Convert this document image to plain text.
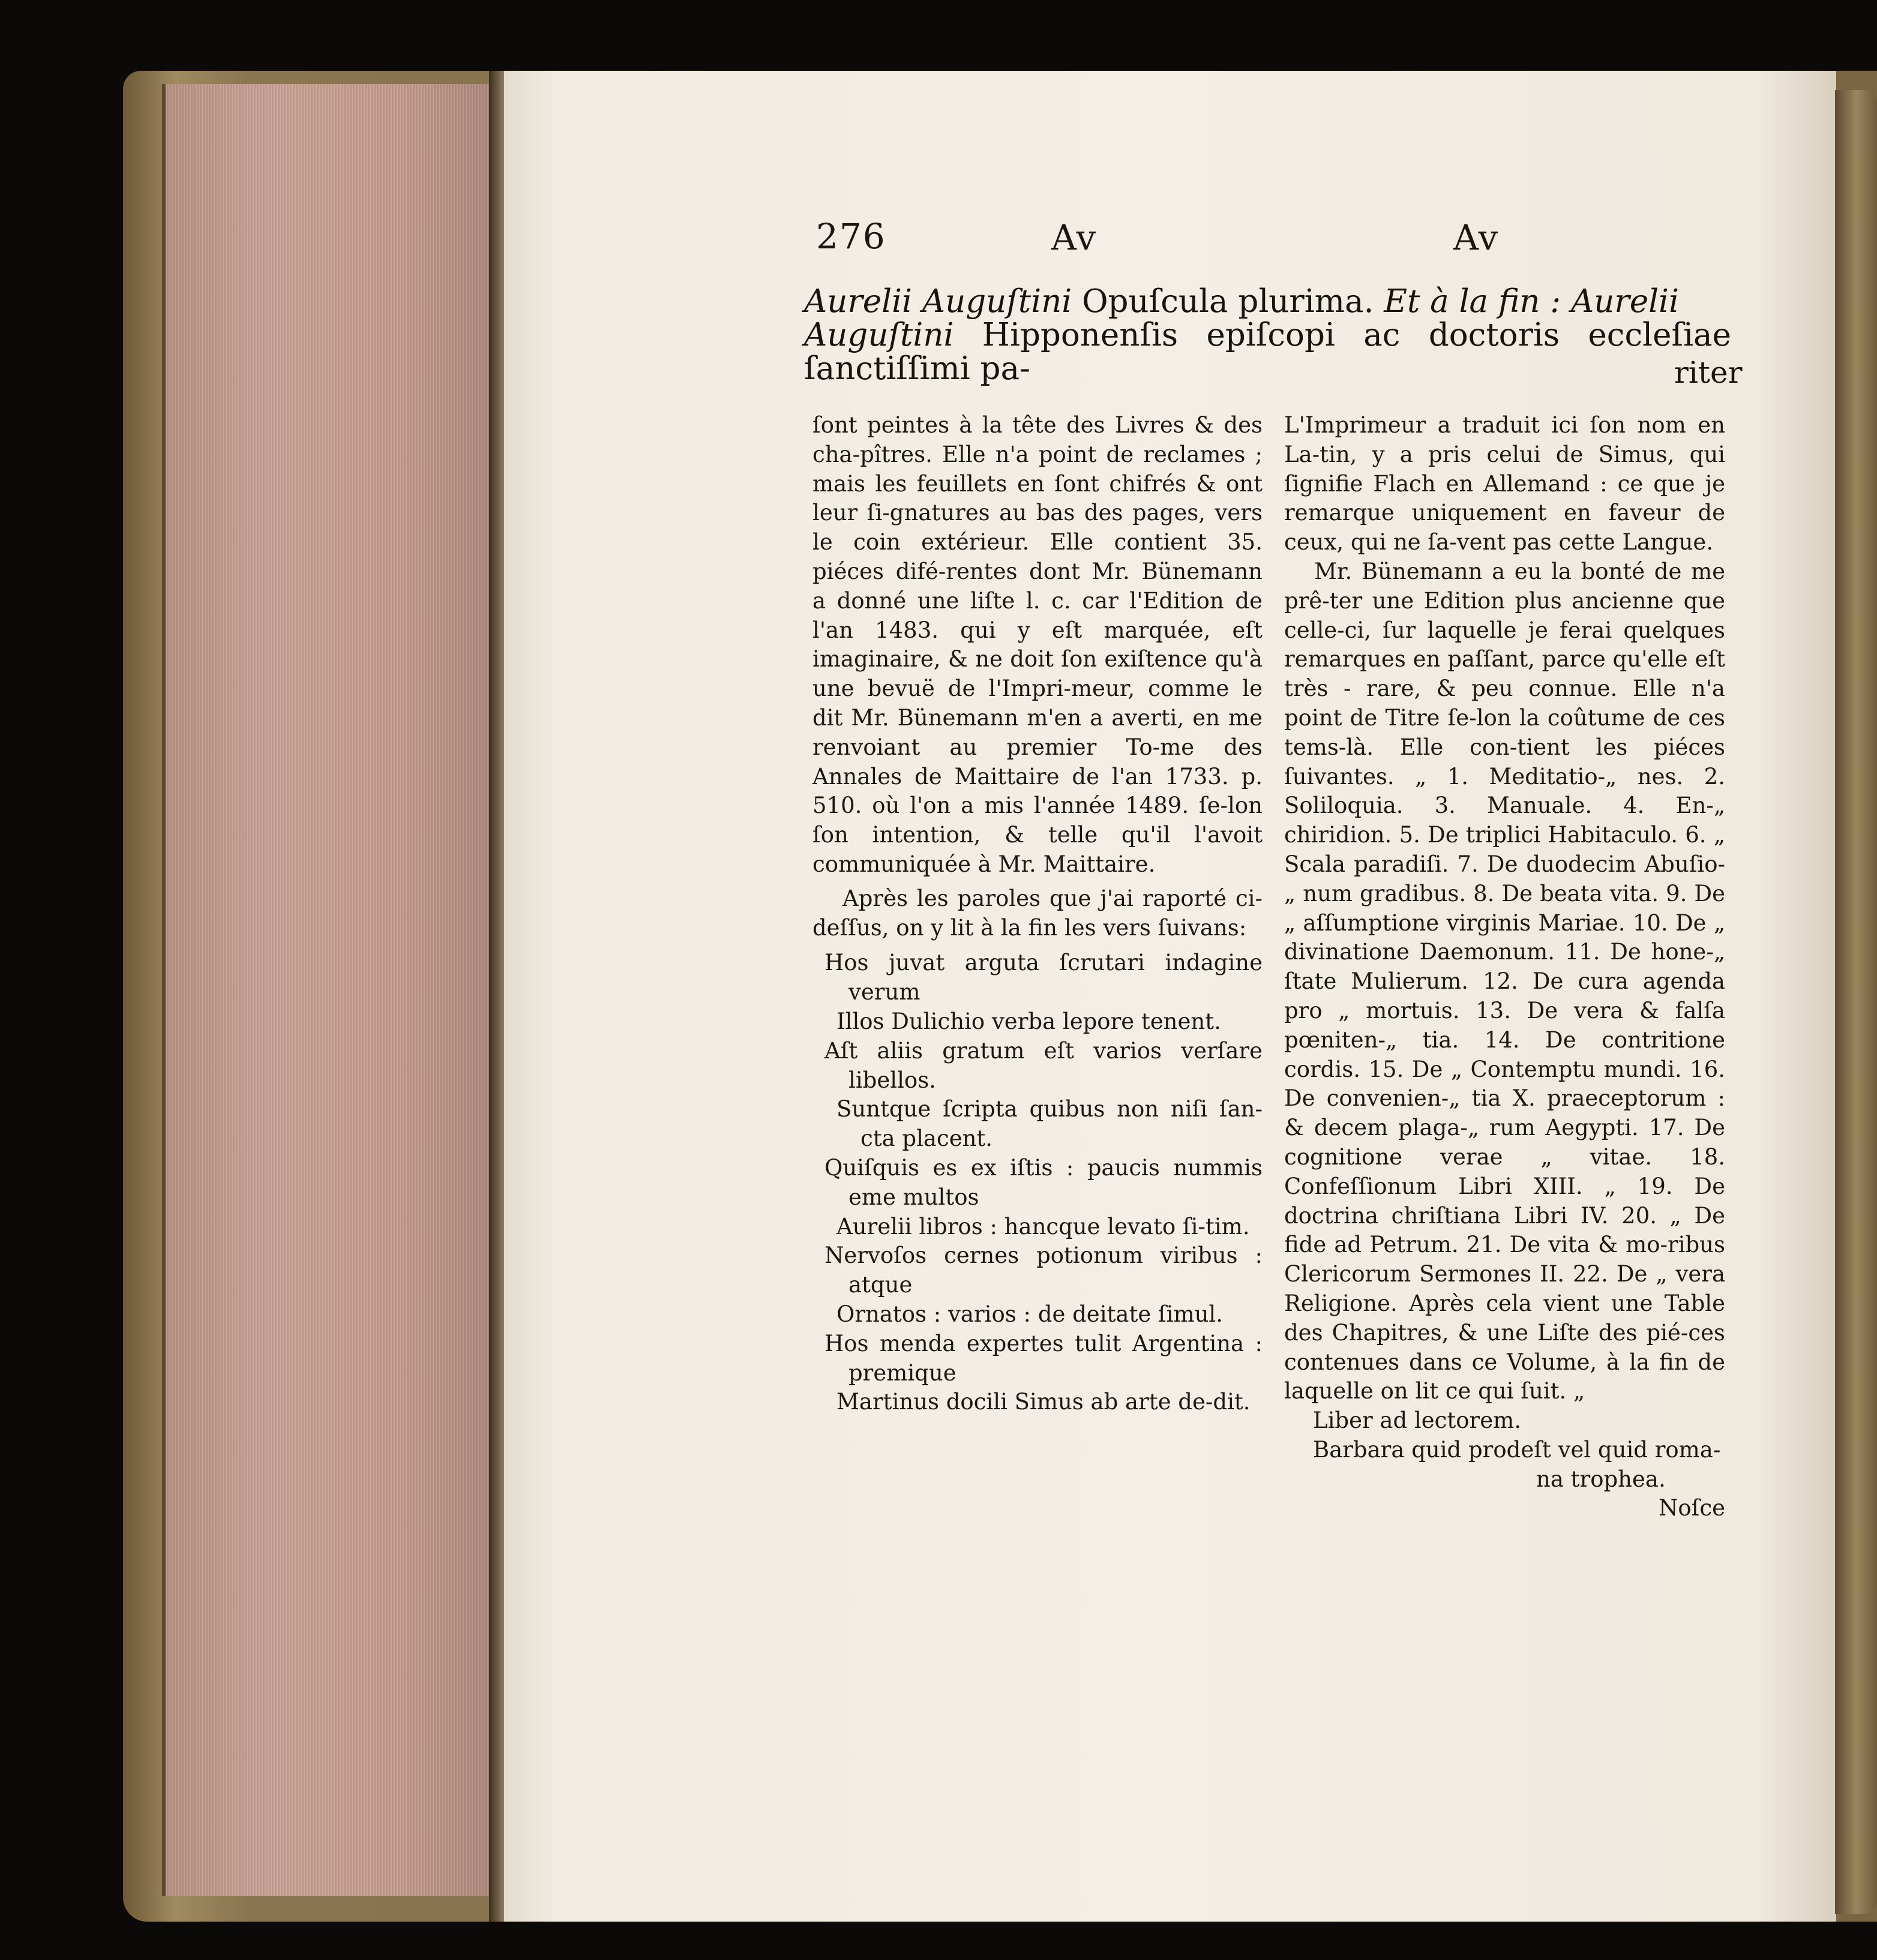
276	Av	Av
Aurelii Auguſtini Opuſcula plurima. Et à la fin : Aurelii
Auguſtini Hipponenſis epiſcopi ac doctoris eccleſiae ſanctiſſimi pa-	riter

ſont peintes à la tête des Livres & des cha-pîtres. Elle n'a point de reclames ; mais les feuillets en ſont chifrés & ont leur ſi-gnatures au bas des pages, vers le coin extérieur. Elle contient 35. piéces difé-rentes dont Mr. Bünemann a donné une liſte l. c. car l'Edition de l'an 1483. qui y eſt marquée, eſt imaginaire, & ne doit ſon exiſtence qu'à une bevuë de l'Impri-meur, comme le dit Mr. Bünemann m'en a averti, en me renvoiant au premier To-me des Annales de Maittaire de l'an 1733. p. 510. où l'on a mis l'année 1489. ſe-lon ſon intention, & telle qu'il l'avoit communiquée à Mr. Maittaire.

Après les paroles que j'ai raporté ci-deſſus, on y lit à la fin les vers ſuivans:

Hos juvat arguta ſcrutari indagine verum
Illos Dulichio verba lepore tenent.
Aſt aliis gratum eſt varios verſare libellos.
Suntque ſcripta quibus non niſi ſan-cta placent.
Quiſquis es ex iſtis : paucis nummis eme multos
Aurelii libros : hancque levato ſi-tim.
Nervoſos cernes potionum viribus : atque
Ornatos : varios : de deitate ſimul.
Hos menda expertes tulit Argentina : premique
Martinus docili Simus ab arte de-dit.

L'Imprimeur a traduit ici ſon nom en La-tin, y a pris celui de Simus, qui ſignifie Flach en Allemand : ce que je remarque uniquement en faveur de ceux, qui ne ſa-vent pas cette Langue.

Mr. Bünemann a eu la bonté de me prê-ter une Edition plus ancienne que celle-ci, ſur laquelle je ferai quelques remarques en paſſant, parce qu'elle eſt très - rare, & peu connue. Elle n'a point de Titre ſe-lon la coûtume de ces tems-là. Elle con-tient les piéces ſuivantes. „ 1. Meditatio-„ nes. 2. Soliloquia. 3. Manuale. 4. En-„ chiridion. 5. De triplici Habitaculo. 6. „ Scala paradiſi. 7. De duodecim Abuſio-„ num gradibus. 8. De beata vita. 9. De „ aſſumptione virginis Mariae. 10. De „ divinatione Daemonum. 11. De hone-„ ſtate Mulierum. 12. De cura agenda pro „ mortuis. 13. De vera & falſa pœniten-„ tia. 14. De contritione cordis. 15. De „ Contemptu mundi. 16. De convenien-„ tia X. praeceptorum : & decem plaga-„ rum Aegypti. 17. De cognitione verae „ vitae. 18. Confeſſionum Libri XIII. „ 19. De doctrina chriſtiana Libri IV. 20. „ De fide ad Petrum. 21. De vita & mo-ribus Clericorum Sermones II. 22. De „ vera Religione. Après cela vient une Table des Chapitres, & une Liſte des pié-ces contenues dans ce Volume, à la fin de laquelle on lit ce qui ſuit. „

Liber ad lectorem.

Barbara quid prodeſt vel quid roma-

na trophea.

Noſce
